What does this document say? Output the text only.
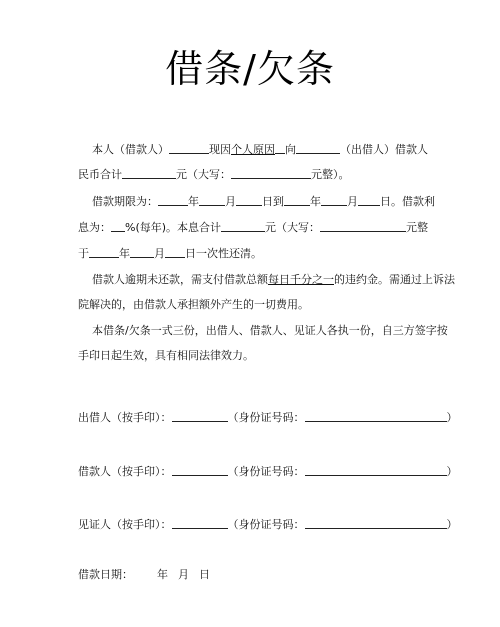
借条/欠条
本人（借款人）	现因个人原因 向	（出借人）借款人
民币合计	元（大写：	元整）。
借款期限为：	年 月 日到 年 月 日。借款利
息为： %(每年)。本息合计	元（大写：	元整
于	年 月 日一次性还清。
借款人逾期未还款，需支付借款总额每日千分之一的违约金。需通过上诉法
院解决的，由借款人承担额外产生的一切费用。
本借条/欠条一式三份，出借人、借款人、见证人各执一份，自三方签字按
手印日起生效，具有相同法律效力。
出借人（按手印）：	（身份证号码：	）
借款人（按手印）：	（身份证号码：	）
见证人（按手印）：	（身份证号码：	）
借款日期： 年 月 日
